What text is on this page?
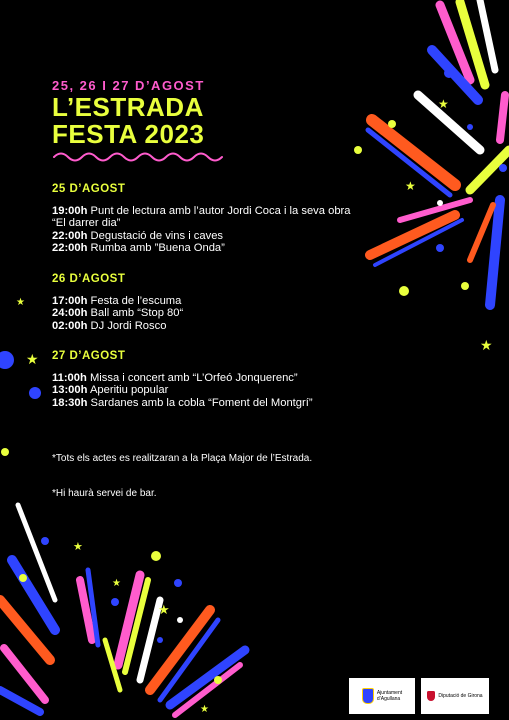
★
★
★
★
★
★
★
★
★
25, 26 I 27 D’AGOST
L’ESTRADA
FESTA 2023
25 D’AGOST
19:00h Punt de lectura amb l’autor Jordi Coca i la seva obra “El darrer dia”
22:00h Degustació de vins i caves
22:00h Rumba amb ”Buena Onda”
26 D’AGOST
17:00h Festa de l’escuma
24:00h Ball amb “Stop 80“
02:00h DJ Jordi Rosco
27 D’AGOST
11:00h Missa i concert amb “L’Orfeó Jonquerenc”
13:00h Aperitiu popular
18:30h Sardanes amb la cobla “Foment del Montgrí”
*Tots els actes es realitzaran a la Plaça Major de l’Estrada.
*Hi haurà servei de bar.
Ajuntament
d’Agullana	Diputació de Girona
